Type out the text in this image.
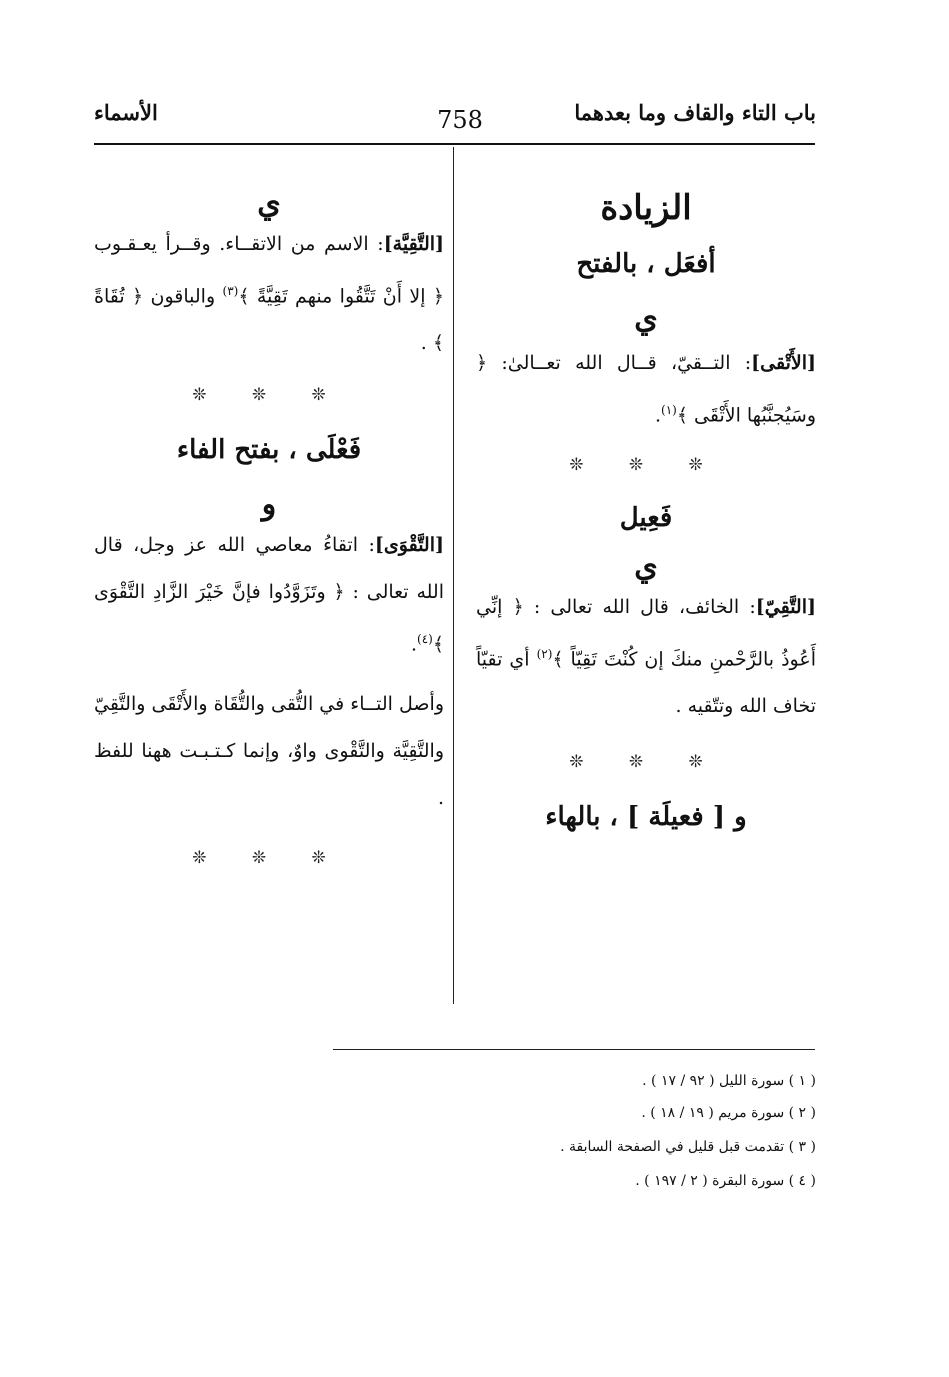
باب التاء والقاف وما بعدهما
758
الأسماء
الزيادة
أفعَل ، بالفتح
ي
[الأَتْقى]: التــقيّ، قــال الله تعــالىٰ: ﴿ وسَيُجنَّبُها الأَتْقَى ﴾$^{(١)}$.
❊ ❊ ❊
فَعِيل
ي
[التَّقِيّ]: الخائف، قال الله تعالى : ﴿ إنِّي أَعُوذُ بالرَّحْمنِ منكَ إن كُنْتَ تَقِيّاً ﴾$^{(٢)}$ أي تقيّاً تخاف الله وتتّقيه .
❊ ❊ ❊
و [ فعيلَة ] ، بالهاء
ي
[التَّقِيَّة]: الاسم من الاتقــاء. وقــرأ يعـقـوب ﴿ إلا أَنْ تَتَّقُوا منهم تَقِيَّةً ﴾$^{(٣)}$ والباقون ﴿ تُقَاةً ﴾ .
❊ ❊ ❊
فَعْلَى ، بفتح الفاء
و
[التَّقْوَى]: اتقاءُ معاصي الله عز وجل، قال الله تعالى : ﴿ وتَزَوَّدُوا فإنَّ خَيْرَ الزَّادِ التَّقْوَى ﴾$^{(٤)}$.
وأصل التــاء في التُّقى والتُّقَاة والأَتْقَى والتَّقِيّ والتَّقِيَّة والتَّقْوى واوٌ، وإنما كـتـبـت ههنا للفظ .
❊ ❊ ❊
( ١ ) سورة الليل ( ٩٢ / ١٧ ) .
( ٢ ) سورة مريم ( ١٩ / ١٨ ) .
( ٣ ) تقدمت قبل قليل في الصفحة السابقة .
( ٤ ) سورة البقرة ( ٢ / ١٩٧ ) .
